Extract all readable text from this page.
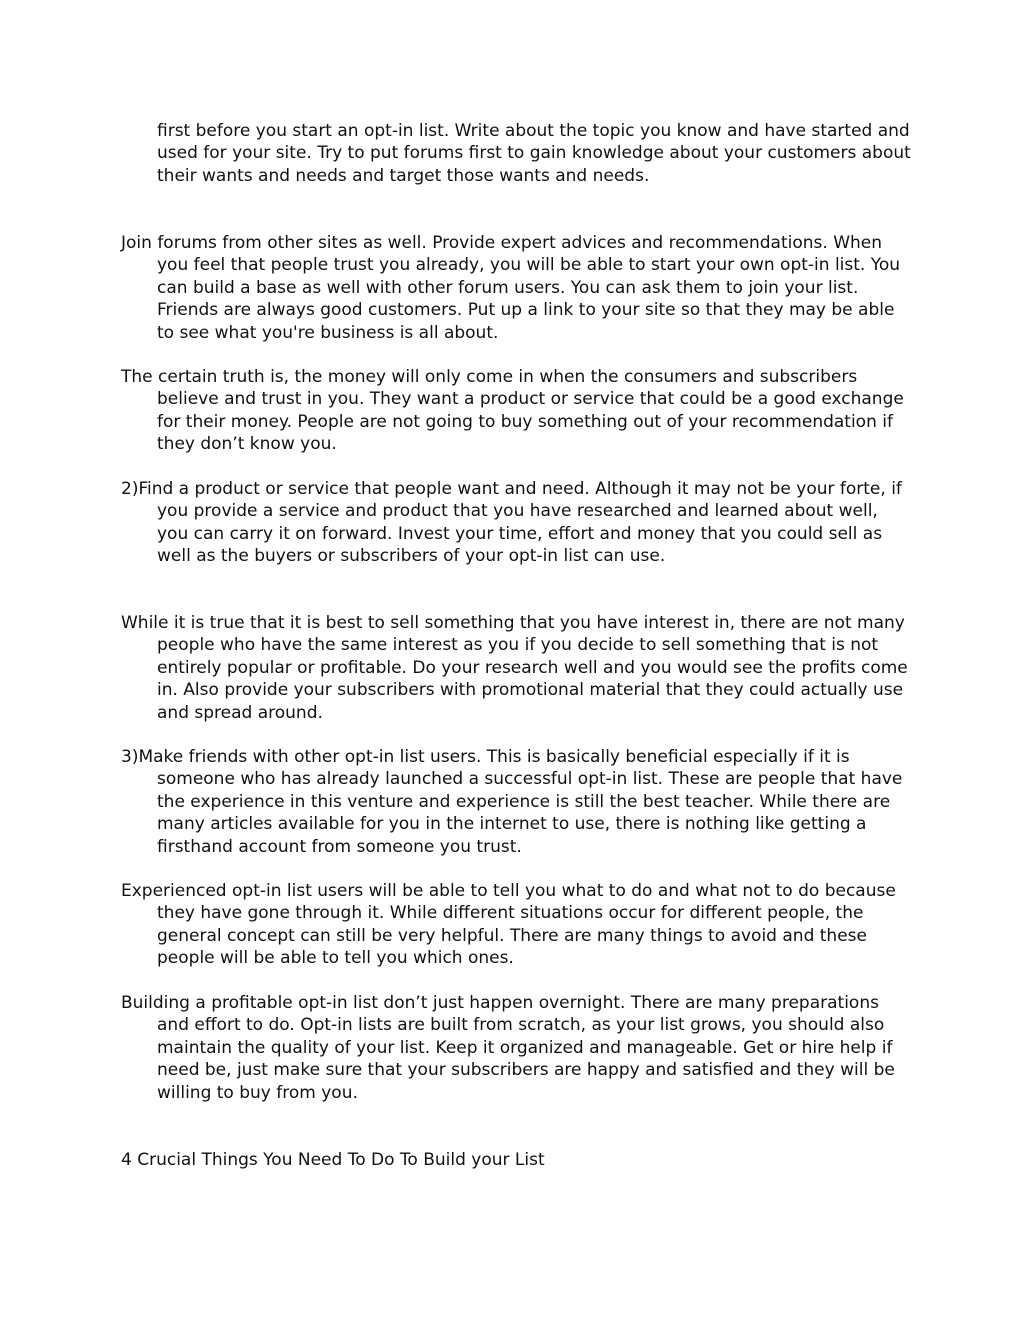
first before you start an opt-in list. Write about the topic you know and have started and used for your site. Try to put forums first to gain knowledge about your customers about their wants and needs and target those wants and needs.

Join forums from other sites as well. Provide expert advices and recommendations. When you feel that people trust you already, you will be able to start your own opt-in list. You can build a base as well with other forum users. You can ask them to join your list. Friends are always good customers. Put up a link to your site so that they may be able to see what you're business is all about.

The certain truth is, the money will only come in when the consumers and subscribers believe and trust in you. They want a product or service that could be a good exchange for their money. People are not going to buy something out of your recommendation if they don’t know you.

2)Find a product or service that people want and need. Although it may not be your forte, if you provide a service and product that you have researched and learned about well, you can carry it on forward. Invest your time, effort and money that you could sell as well as the buyers or subscribers of your opt-in list can use.

While it is true that it is best to sell something that you have interest in, there are not many people who have the same interest as you if you decide to sell something that is not entirely popular or profitable. Do your research well and you would see the profits come in. Also provide your subscribers with promotional material that they could actually use and spread around.

3)Make friends with other opt-in list users. This is basically beneficial especially if it is someone who has already launched a successful opt-in list. These are people that have the experience in this venture and experience is still the best teacher. While there are many articles available for you in the internet to use, there is nothing like getting a firsthand account from someone you trust.

Experienced opt-in list users will be able to tell you what to do and what not to do because they have gone through it. While different situations occur for different people, the general concept can still be very helpful. There are many things to avoid and these people will be able to tell you which ones.

Building a profitable opt-in list don’t just happen overnight. There are many preparations and effort to do. Opt-in lists are built from scratch, as your list grows, you should also maintain the quality of your list. Keep it organized and manageable. Get or hire help if need be, just make sure that your subscribers are happy and satisfied and they will be willing to buy from you.

4 Crucial Things You Need To Do To Build your List
